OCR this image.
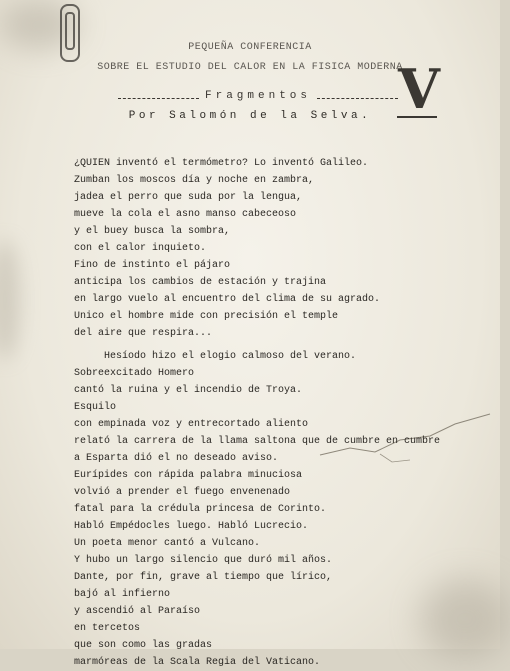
PEQUEÑA CONFERENCIA
SOBRE EL ESTUDIO DEL CALOR EN LA FISICA MODERNA
Fragmentos
Por Salomón de la Selva. V
¿QUIEN inventó el termómetro? Lo inventó Galileo.
Zumban los moscos día y noche en zambra,
jadea el perro que suda por la lengua,
mueve la cola el asno manso cabeceoso
y el buey busca la sombra,
con el calor inquieto.
Fino de instinto el pájaro
anticipa los cambios de estación y trajina
en largo vuelo al encuentro del clima de su agrado.
Unico el hombre mide con precisión el temple
del aire que respira...
Hesíodo hizo el elogio calmoso del verano.
Sobreexcitado Homero
cantó la ruina y el incendio de Troya.
Esquilo
con empinada voz y entrecortado aliento
relató la carrera de la llama saltona que de cumbre en cumbre
a Esparta dió el no deseado aviso.
Eurípides con rápida palabra minuciosa
volvió a prender el fuego envenenado
fatal para la crédula princesa de Corinto.
Habló Empédocles luego. Habló Lucrecio.
Un poeta menor cantó a Vulcano.
Y hubo un largo silencio que duró mil años.
Dante, por fin, grave al tiempo que lírico,
bajó al infierno
y ascendió al Paraíso
en tercetos
que son como las gradas
marmóreas de la Scala Regia del Vaticano.
